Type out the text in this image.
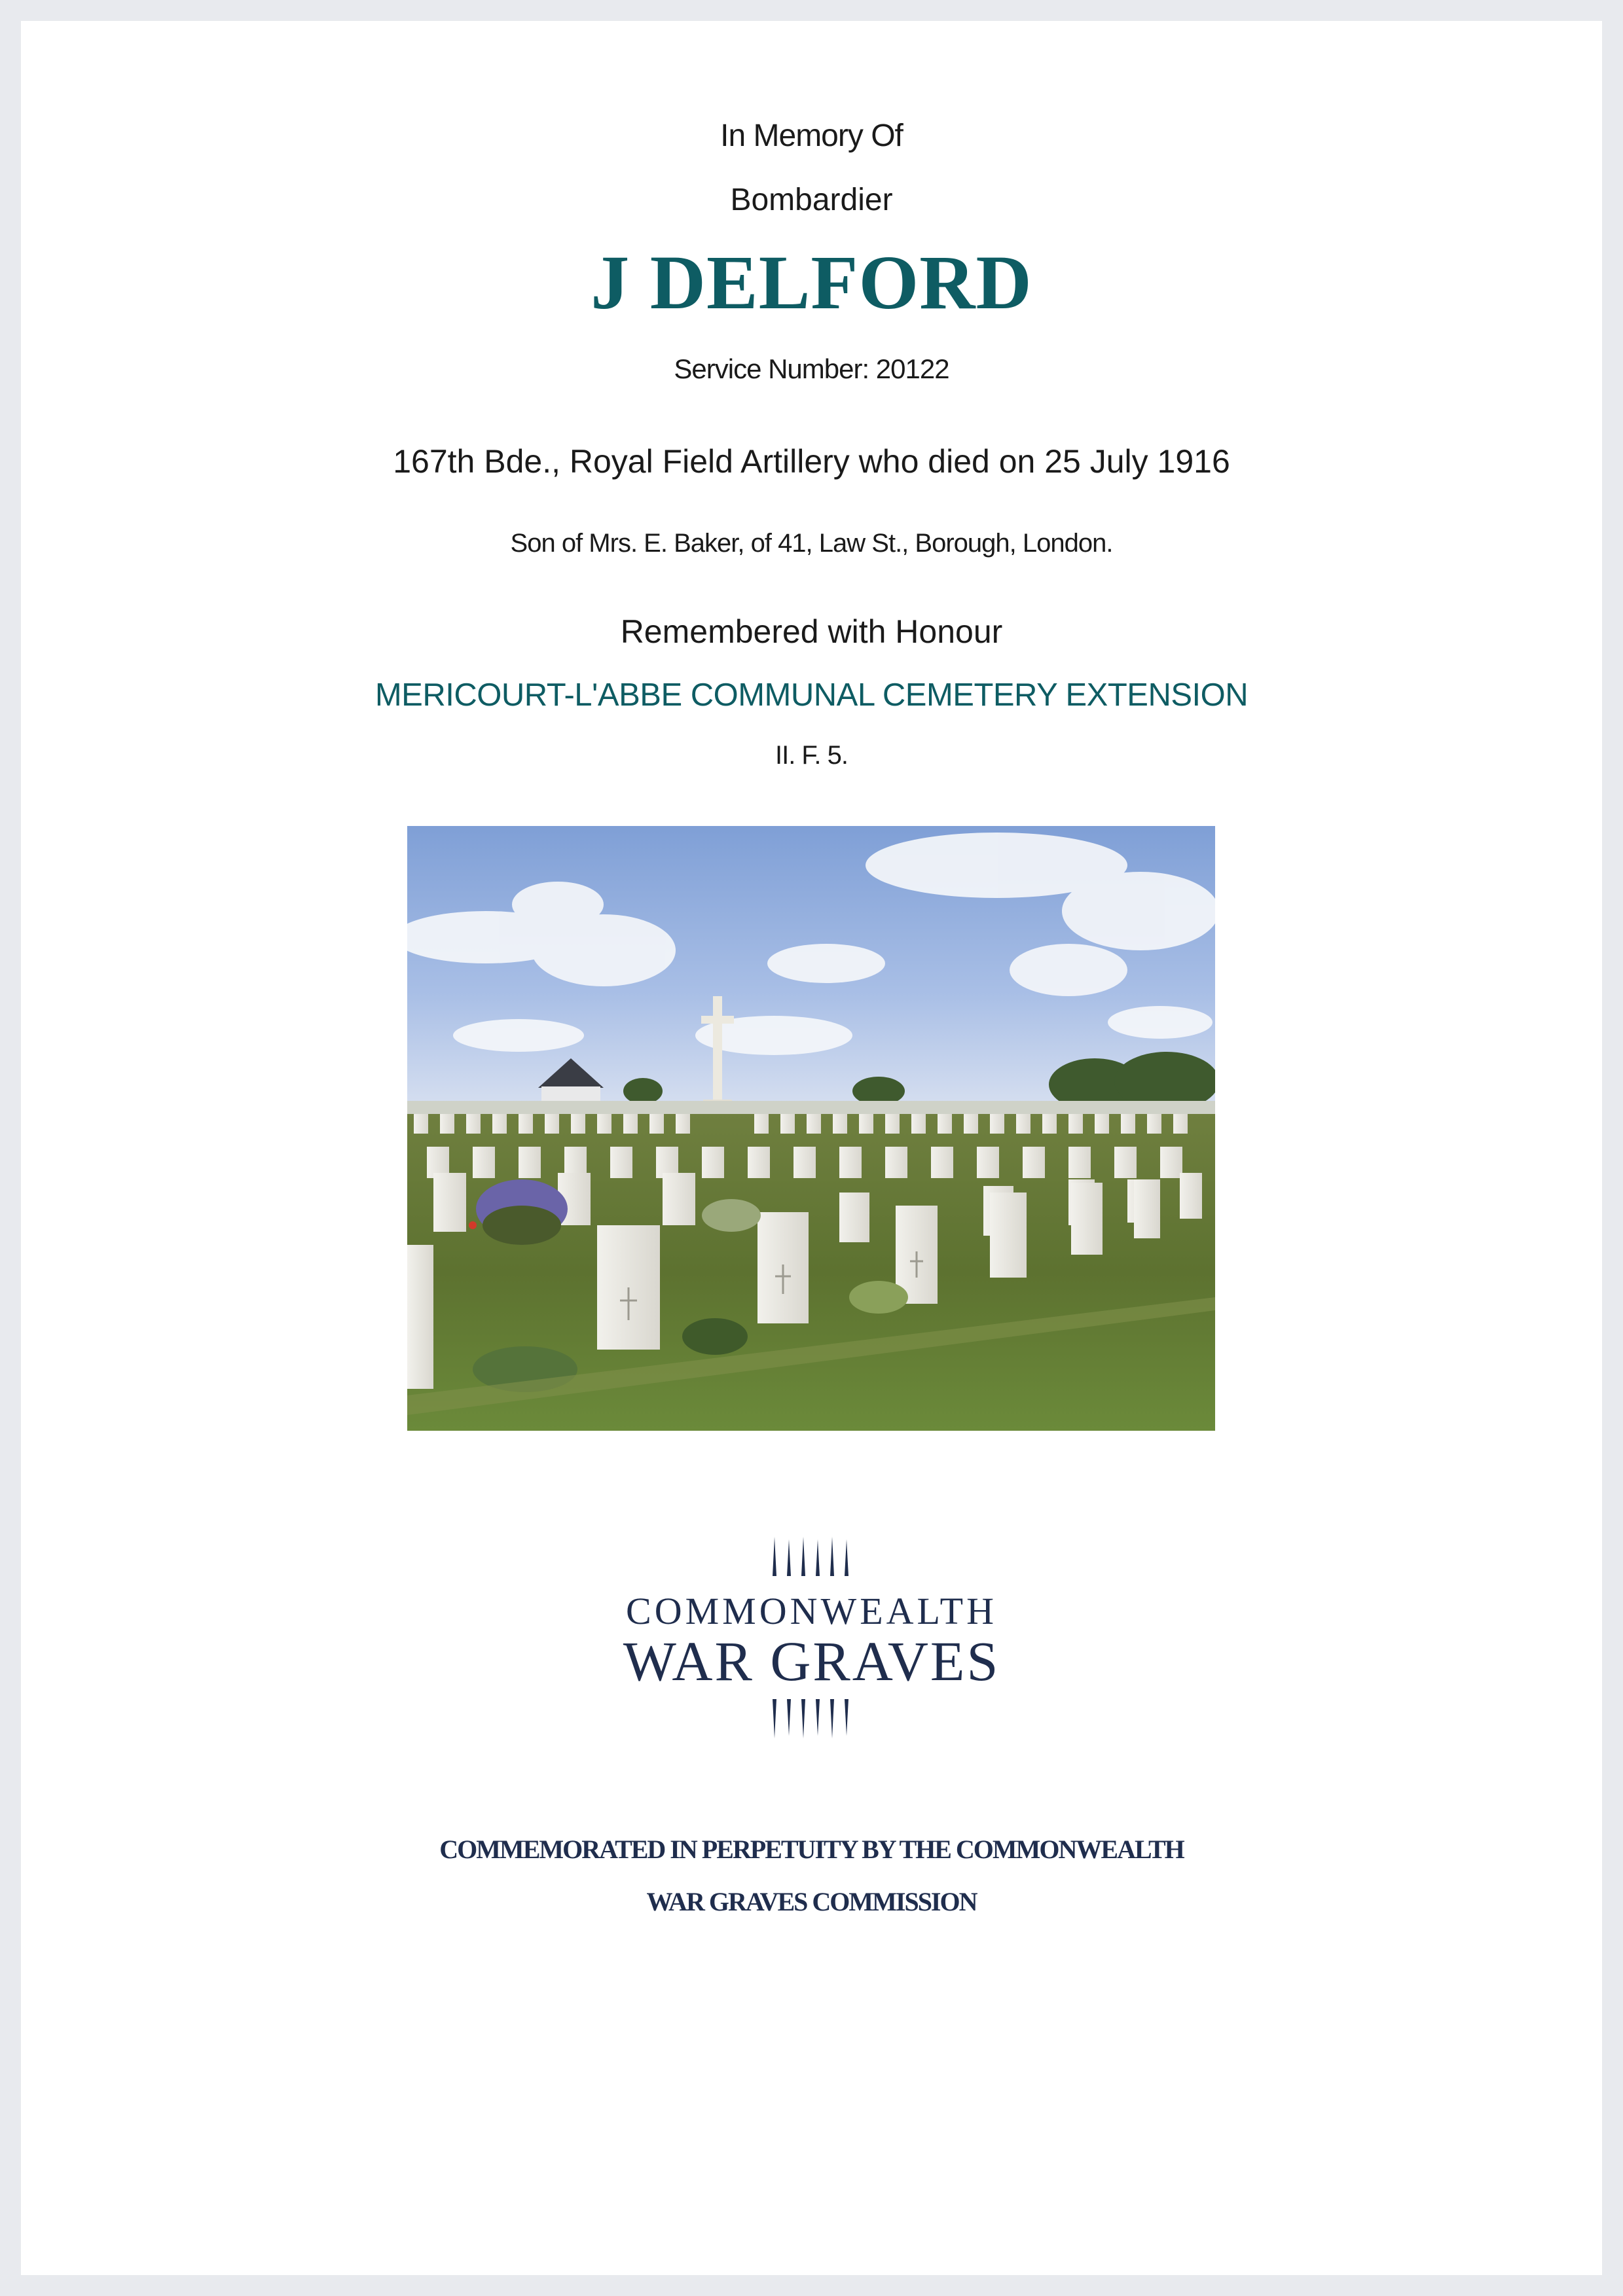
In Memory Of
Bombardier
J DELFORD
Service Number: 20122
167th Bde., Royal Field Artillery who died on 25 July 1916
Son of Mrs. E. Baker, of 41, Law St., Borough, London.
Remembered with Honour
MERICOURT-L'ABBE COMMUNAL CEMETERY EXTENSION
II. F. 5.
COMMONWEALTH
WAR GRAVES
COMMEMORATED IN PERPETUITY BY THE COMMONWEALTH
WAR GRAVES COMMISSION
